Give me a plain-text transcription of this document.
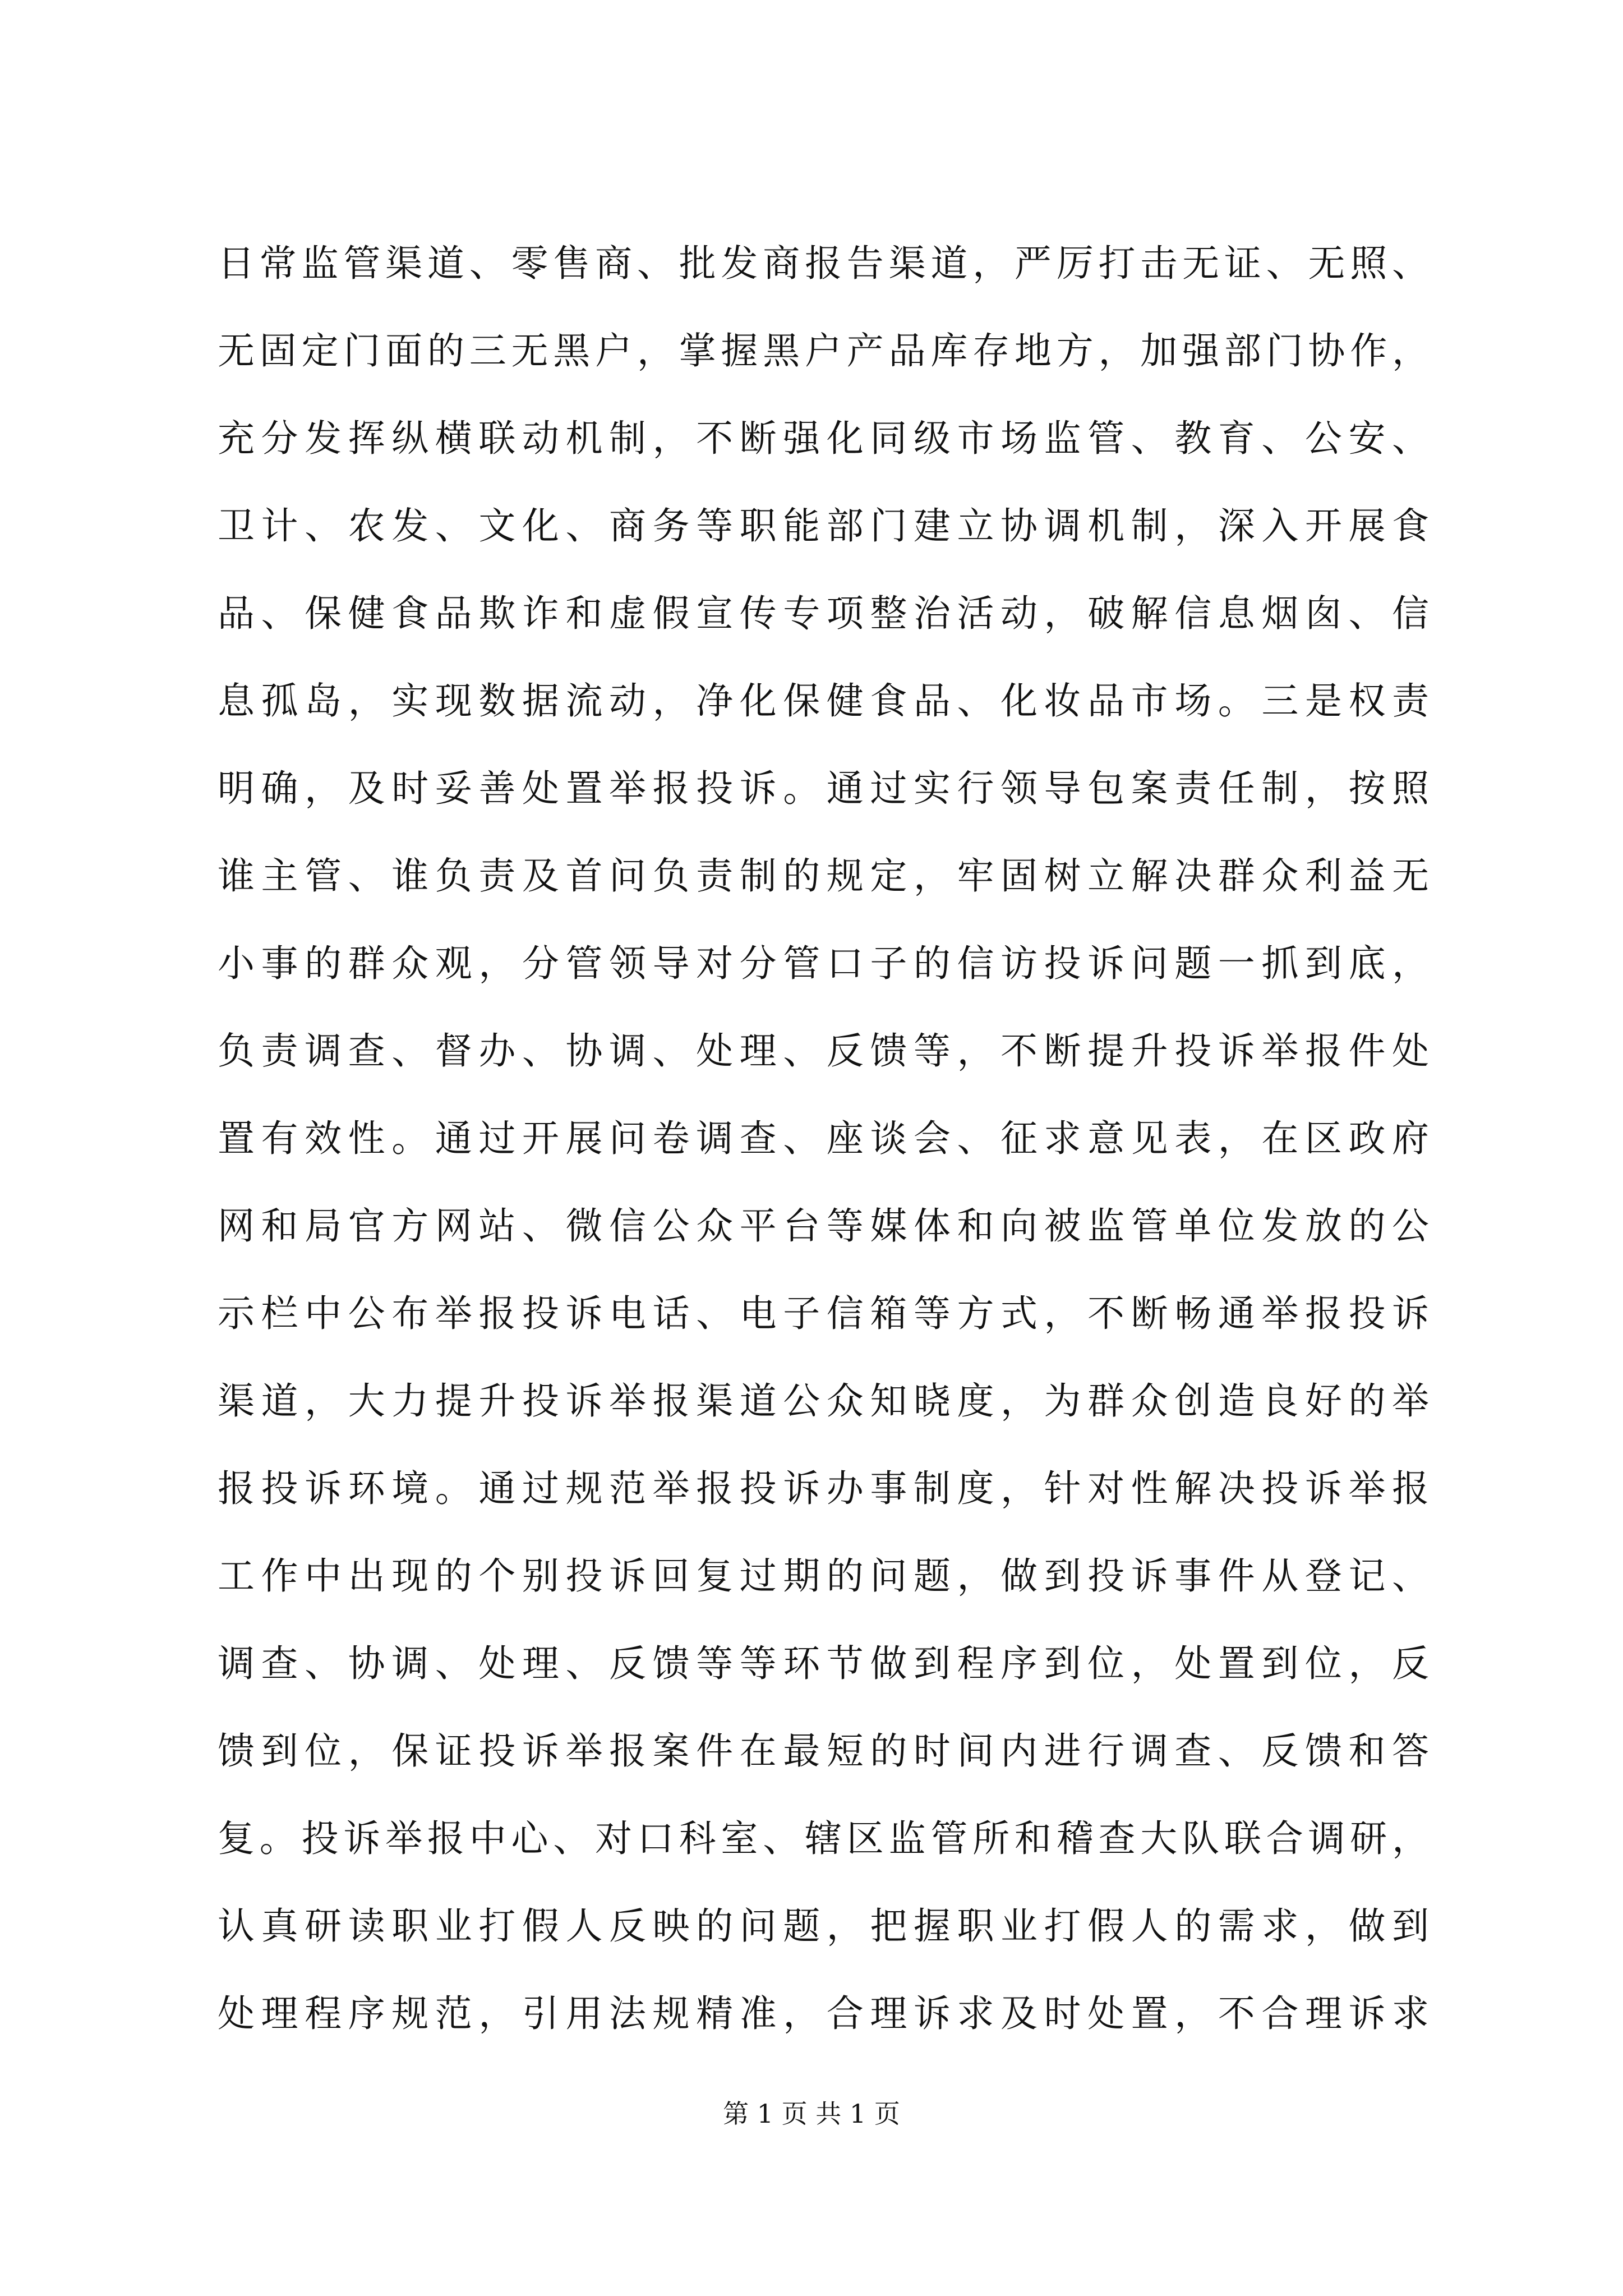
日常监管渠道、零售商、批发商报告渠道，严厉打击无证、无照、
无固定门面的三无黑户，掌握黑户产品库存地方，加强部门协作，
充分发挥纵横联动机制，不断强化同级市场监管、教育、公安、
卫计、农发、文化、商务等职能部门建立协调机制，深入开展食
品、保健食品欺诈和虚假宣传专项整治活动，破解信息烟囱、信
息孤岛，实现数据流动，净化保健食品、化妆品市场。三是权责
明确，及时妥善处置举报投诉。通过实行领导包案责任制，按照
谁主管、谁负责及首问负责制的规定，牢固树立解决群众利益无
小事的群众观，分管领导对分管口子的信访投诉问题一抓到底，
负责调查、督办、协调、处理、反馈等，不断提升投诉举报件处
置有效性。通过开展问卷调查、座谈会、征求意见表，在区政府
网和局官方网站、微信公众平台等媒体和向被监管单位发放的公
示栏中公布举报投诉电话、电子信箱等方式，不断畅通举报投诉
渠道，大力提升投诉举报渠道公众知晓度，为群众创造良好的举
报投诉环境。通过规范举报投诉办事制度，针对性解决投诉举报
工作中出现的个别投诉回复过期的问题，做到投诉事件从登记、
调查、协调、处理、反馈等等环节做到程序到位，处置到位，反
馈到位，保证投诉举报案件在最短的时间内进行调查、反馈和答
复。投诉举报中心、对口科室、辖区监管所和稽查大队联合调研，
认真研读职业打假人反映的问题，把握职业打假人的需求，做到
处理程序规范，引用法规精准，合理诉求及时处置，不合理诉求
第 1 页 共 1 页
